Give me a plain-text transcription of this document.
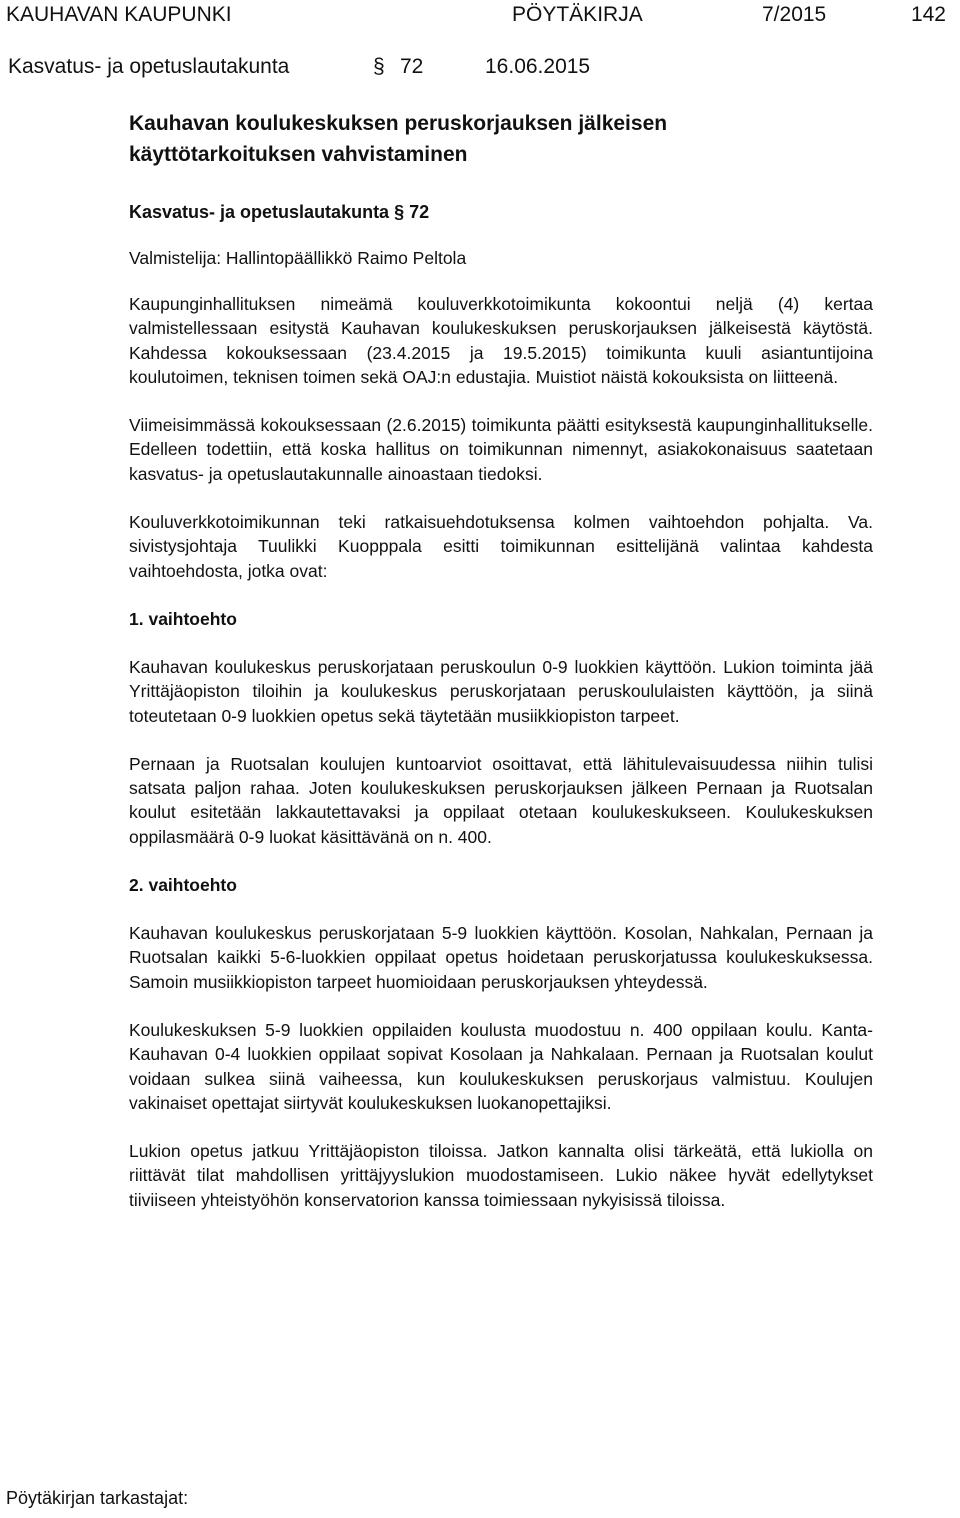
KAUHAVAN KAUPUNKI	PÖYTÄKIRJA	7/2015	142
Kasvatus- ja opetuslautakunta	§ 72	16.06.2015
Kauhavan koulukeskuksen peruskorjauksen jälkeisen
käyttötarkoituksen vahvistaminen
Kasvatus- ja opetuslautakunta § 72
Valmistelija: Hallintopäällikkö Raimo Peltola

Kaupunginhallituksen nimeämä kouluverkkotoimikunta kokoontui neljä (4) kertaa valmistellessaan esitystä Kauhavan koulukeskuksen peruskorjauksen jälkeisestä käytöstä. Kahdessa kokouksessaan (23.4.2015 ja 19.5.2015) toimikunta kuuli asiantuntijoina koulutoimen, teknisen toimen sekä OAJ:n edustajia. Muistiot näistä kokouksista on liitteenä.

Viimeisimmässä kokouksessaan (2.6.2015) toimikunta päätti esityksestä kaupunginhallitukselle. Edelleen todettiin, että koska hallitus on toimikunnan nimennyt, asiakokonaisuus saatetaan kasvatus- ja opetuslautakunnalle ainoastaan tiedoksi.

Kouluverkkotoimikunnan teki ratkaisuehdotuksensa kolmen vaihtoehdon pohjalta. Va. sivistysjohtaja Tuulikki Kuopppala esitti toimikunnan esittelijänä valintaa kahdesta vaihtoehdosta, jotka ovat:

1. vaihtoehto

Kauhavan koulukeskus peruskorjataan peruskoulun 0-9 luokkien käyttöön. Lukion toiminta jää Yrittäjäopiston tiloihin ja koulukeskus peruskorjataan peruskoululaisten käyttöön, ja siinä toteutetaan 0-9 luokkien opetus sekä täytetään musiikkiopiston tarpeet.

Pernaan ja Ruotsalan koulujen kuntoarviot osoittavat, että lähitulevaisuudessa niihin tulisi satsata paljon rahaa. Joten koulukeskuksen peruskorjauksen jälkeen Pernaan ja Ruotsalan koulut esitetään lakkautettavaksi ja oppilaat otetaan koulukeskukseen. Koulukeskuksen oppilasmäärä 0-9 luokat käsittävänä on n. 400.

2. vaihtoehto

Kauhavan koulukeskus peruskorjataan 5-9 luokkien käyttöön. Kosolan, Nahkalan, Pernaan ja Ruotsalan kaikki 5-6-luokkien oppilaat opetus hoidetaan peruskorjatussa koulukeskuksessa. Samoin musiikkiopiston tarpeet huomioidaan peruskorjauksen yhteydessä.

Koulukeskuksen 5-9 luokkien oppilaiden koulusta muodostuu n. 400 oppilaan koulu. Kanta-Kauhavan 0-4 luokkien oppilaat sopivat Kosolaan ja Nahkalaan. Pernaan ja Ruotsalan koulut voidaan sulkea siinä vaiheessa, kun koulukeskuksen peruskorjaus valmistuu. Koulujen vakinaiset opettajat siirtyvät koulukeskuksen luokanopettajiksi.

Lukion opetus jatkuu Yrittäjäopiston tiloissa. Jatkon kannalta olisi tärkeätä, että lukiolla on riittävät tilat mahdollisen yrittäjyyslukion muodostamiseen. Lukio näkee hyvät edellytykset tiiviiseen yhteistyöhön konservatorion kanssa toimiessaan nykyisissä tiloissa.

Pöytäkirjan tarkastajat:
